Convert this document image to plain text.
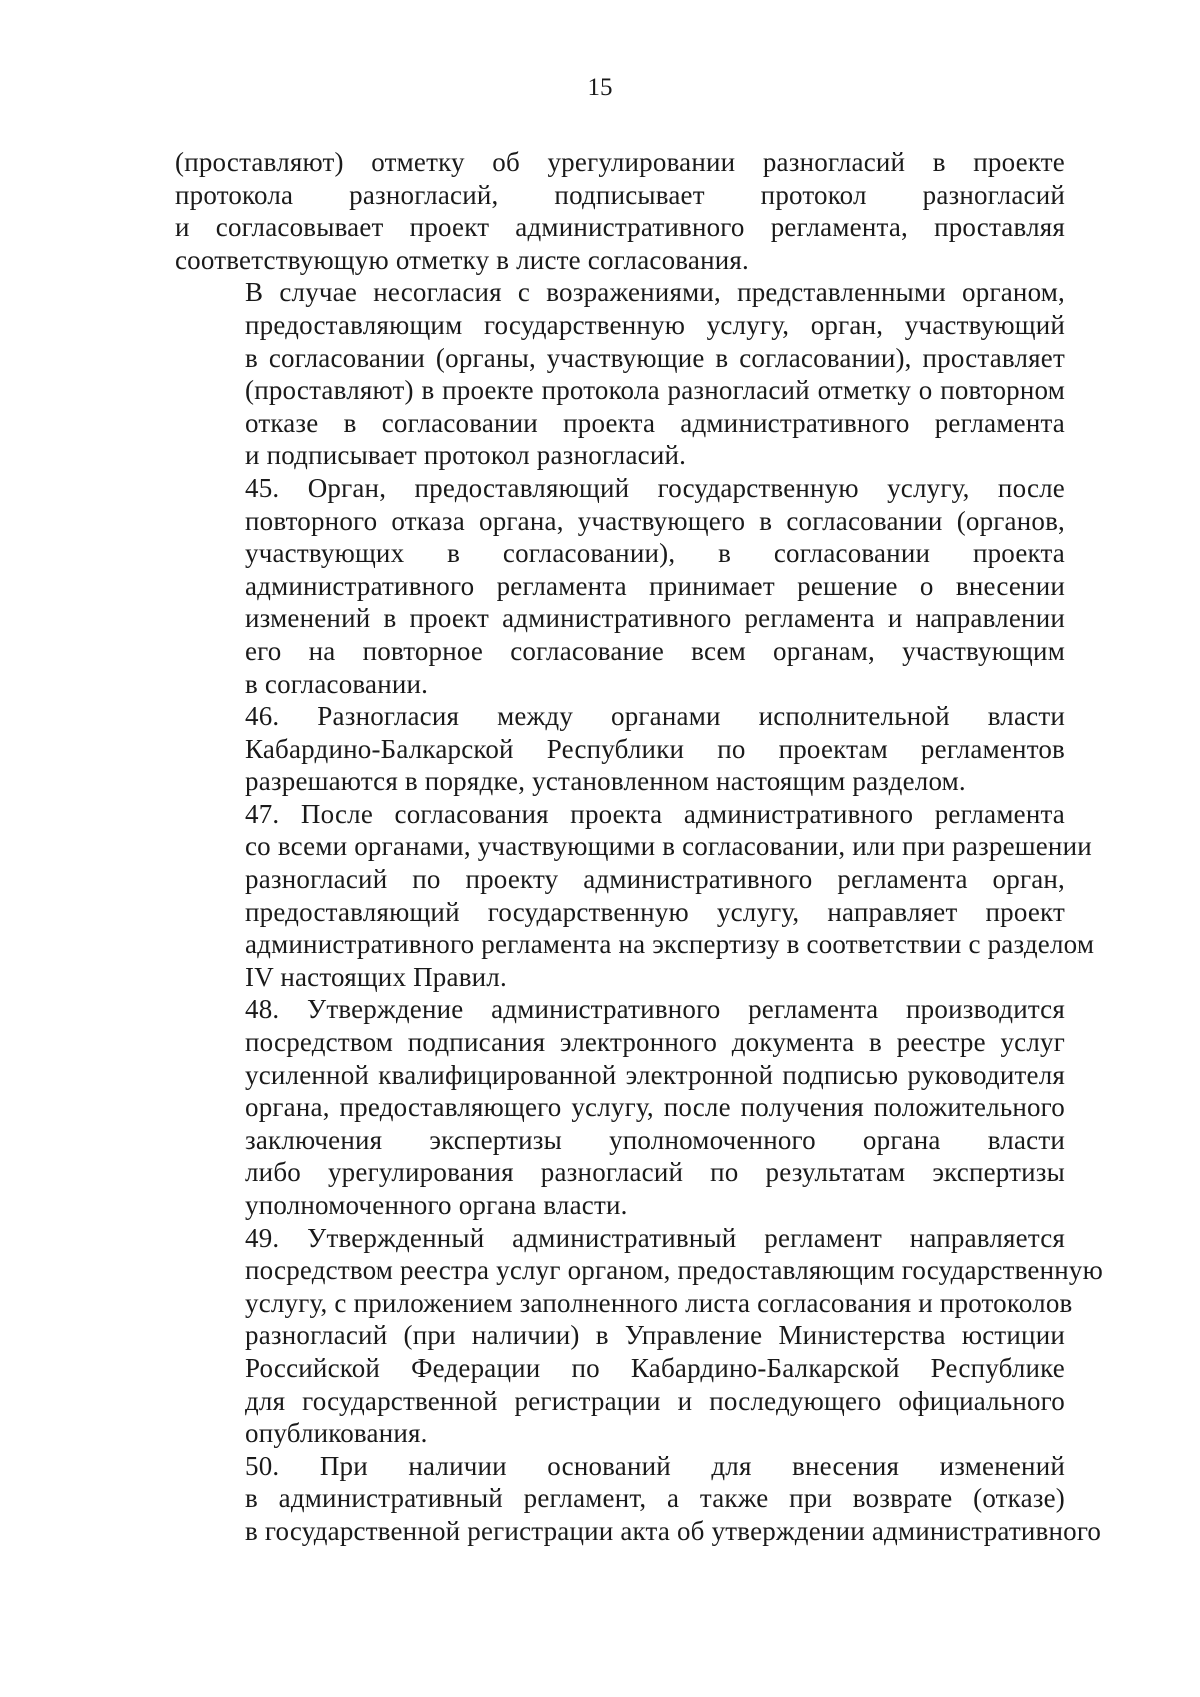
15
(проставляют) отметку об урегулировании разногласий в проекте
протокола разногласий, подписывает протокол разногласий
и согласовывает проект административного регламента, проставляя
соответствующую отметку в листе согласования.
В случае несогласия с возражениями, представленными органом,
предоставляющим государственную услугу, орган, участвующий
в согласовании (органы, участвующие в согласовании), проставляет
(проставляют) в проекте протокола разногласий отметку о повторном
отказе в согласовании проекта административного регламента
и подписывает протокол разногласий.
45. Орган, предоставляющий государственную услугу, после
повторного отказа органа, участвующего в согласовании (органов,
участвующих в согласовании), в согласовании проекта
административного регламента принимает решение о внесении
изменений в проект административного регламента и направлении
его на повторное согласование всем органам, участвующим
в согласовании.
46. Разногласия между органами исполнительной власти
Кабардино-Балкарской Республики по проектам регламентов
разрешаются в порядке, установленном настоящим разделом.
47. После согласования проекта административного регламента
со всеми органами, участвующими в согласовании, или при разрешении
разногласий по проекту административного регламента орган,
предоставляющий государственную услугу, направляет проект
административного регламента на экспертизу в соответствии с разделом
IV настоящих Правил.
48. Утверждение административного регламента производится
посредством подписания электронного документа в реестре услуг
усиленной квалифицированной электронной подписью руководителя
органа, предоставляющего услугу, после получения положительного
заключения экспертизы уполномоченного органа власти
либо урегулирования разногласий по результатам экспертизы
уполномоченного органа власти.
49. Утвержденный административный регламент направляется
посредством реестра услуг органом, предоставляющим государственную
услугу, с приложением заполненного листа согласования и протоколов
разногласий (при наличии) в Управление Министерства юстиции
Российской Федерации по Кабардино-Балкарской Республике
для государственной регистрации и последующего официального
опубликования.
50. При наличии оснований для внесения изменений
в административный регламент, а также при возврате (отказе)
в государственной регистрации акта об утверждении административного
